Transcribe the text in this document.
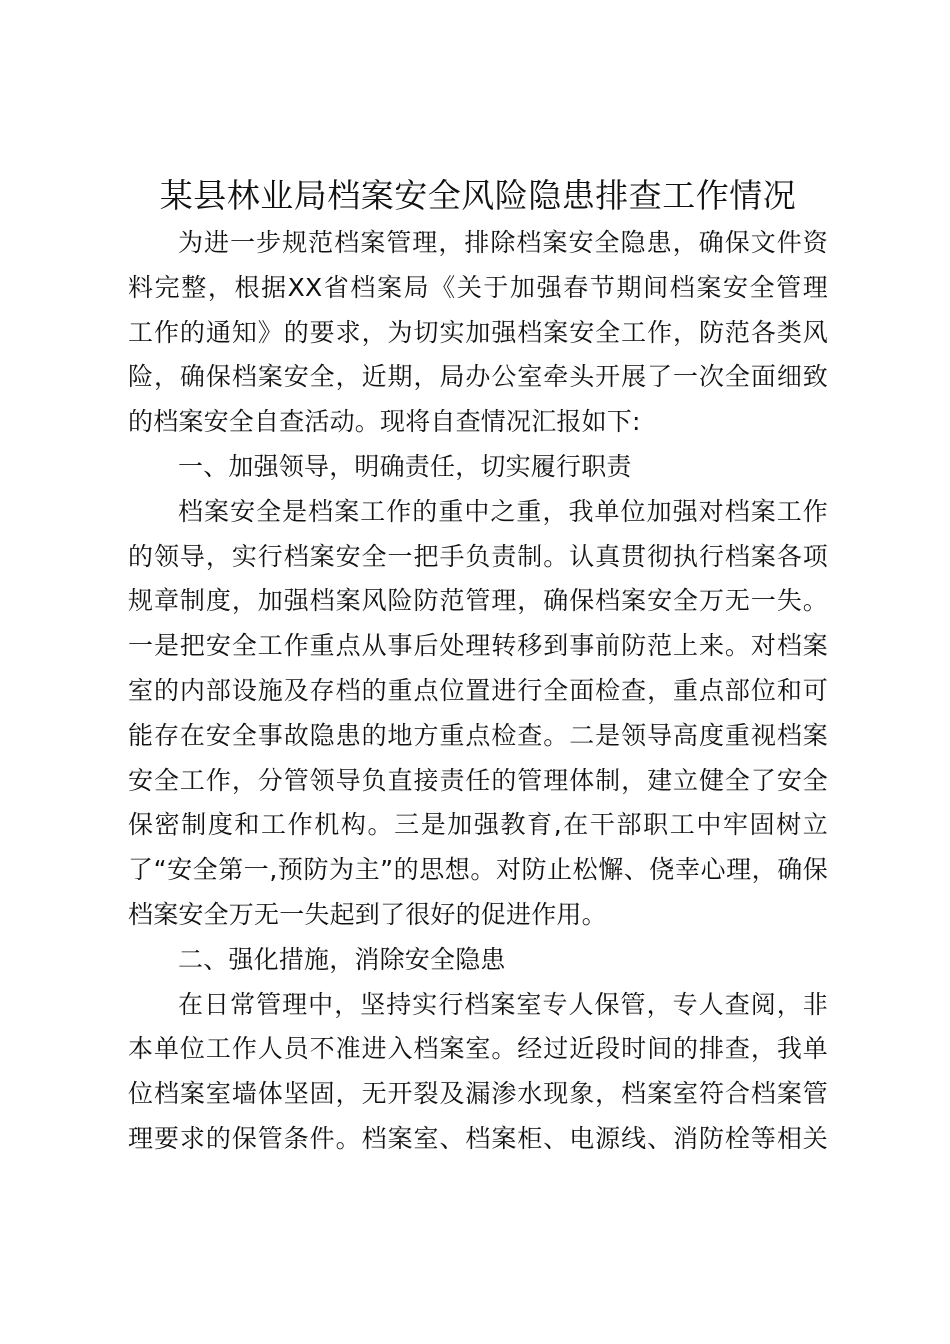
某县林业局档案安全风险隐患排查工作情况
为进一步规范档案管理，排除档案安全隐患，确保文件资
料完整，根据XX省档案局《关于加强春节期间档案安全管理
工作的通知》的要求，为切实加强档案安全工作，防范各类风
险，确保档案安全，近期，局办公室牵头开展了一次全面细致
的档案安全自查活动。现将自查情况汇报如下:
一、加强领导，明确责任，切实履行职责
档案安全是档案工作的重中之重，我单位加强对档案工作
的领导，实行档案安全一把手负责制。认真贯彻执行档案各项
规章制度，加强档案风险防范管理，确保档案安全万无一失。
一是把安全工作重点从事后处理转移到事前防范上来。对档案
室的内部设施及存档的重点位置进行全面检查，重点部位和可
能存在安全事故隐患的地方重点检查。二是领导高度重视档案
安全工作，分管领导负直接责任的管理体制，建立健全了安全
保密制度和工作机构。三是加强教育,在干部职工中牢固树立
了“安全第一,预防为主”的思想。对防止松懈、侥幸心理，确保
档案安全万无一失起到了很好的促进作用。
二、强化措施，消除安全隐患
在日常管理中，坚持实行档案室专人保管，专人查阅，非
本单位工作人员不准进入档案室。经过近段时间的排查，我单
位档案室墙体坚固，无开裂及漏渗水现象，档案室符合档案管
理要求的保管条件。档案室、档案柜、电源线、消防栓等相关
